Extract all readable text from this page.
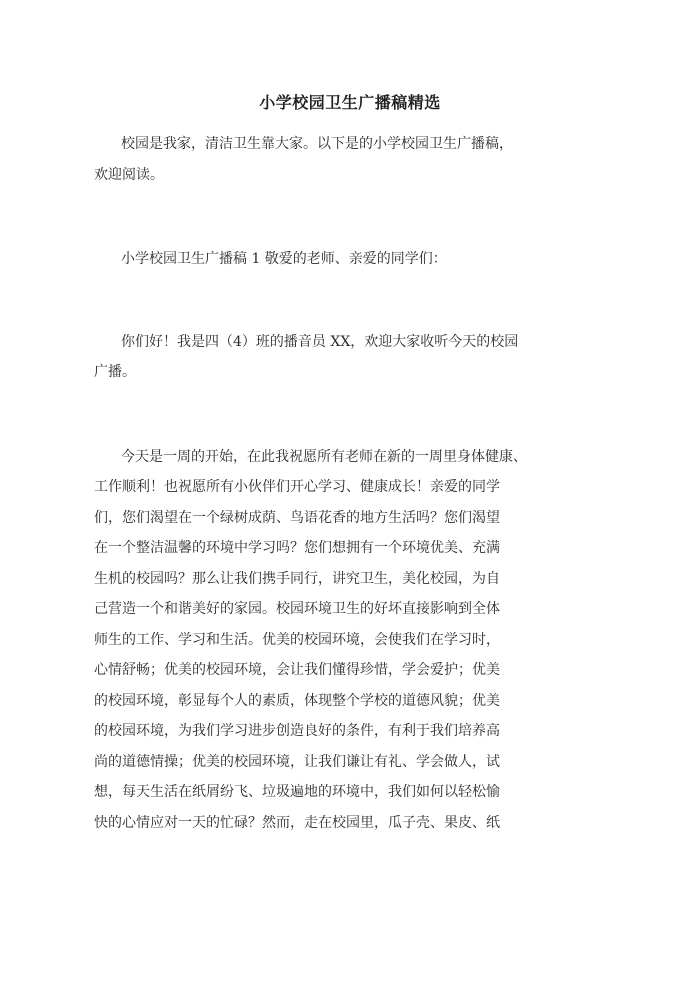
小学校园卫生广播稿精选

校园是我家，清洁卫生靠大家。以下是的小学校园卫生广播稿，

欢迎阅读。

小学校园卫生广播稿 1 敬爱的老师、亲爱的同学们：

你们好！我是四（4）班的播音员 XX，欢迎大家收听今天的校园

广播。

今天是一周的开始，在此我祝愿所有老师在新的一周里身体健康、

工作顺利！也祝愿所有小伙伴们开心学习、健康成长！亲爱的同学

们，您们渴望在一个绿树成荫、鸟语花香的地方生活吗？您们渴望

在一个整洁温馨的环境中学习吗？您们想拥有一个环境优美、充满

生机的校园吗？那么让我们携手同行，讲究卫生，美化校园，为自

己营造一个和谐美好的家园。校园环境卫生的好坏直接影响到全体

师生的工作、学习和生活。优美的校园环境，会使我们在学习时，

心情舒畅；优美的校园环境，会让我们懂得珍惜，学会爱护；优美

的校园环境，彰显每个人的素质，体现整个学校的道德风貌；优美

的校园环境，为我们学习进步创造良好的条件，有利于我们培养高

尚的道德情操；优美的校园环境，让我们谦让有礼、学会做人，试

想，每天生活在纸屑纷飞、垃圾遍地的环境中，我们如何以轻松愉

快的心情应对一天的忙碌？然而，走在校园里，瓜子壳、果皮、纸
